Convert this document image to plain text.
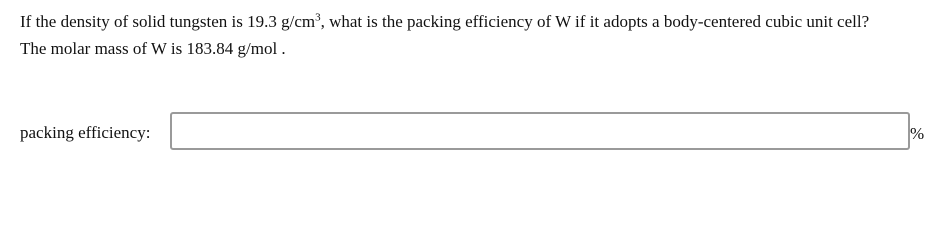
If the density of solid tungsten is 19.3 $g/cm^3$, what is the packing efficiency of W if it adopts a body-centered cubic unit cell?

The molar mass of W is 183.84 g/mol .

packing efficiency:	%
